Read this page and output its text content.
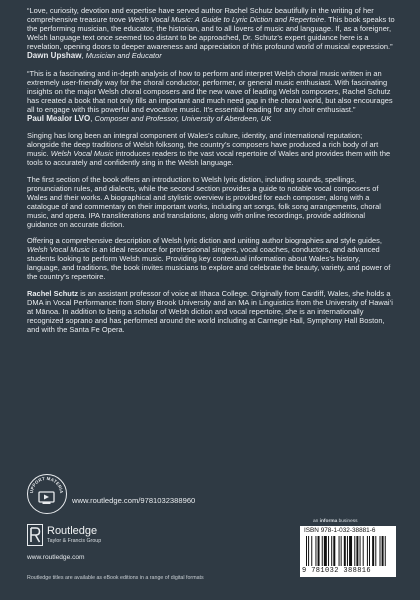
“Love, curiosity, devotion and expertise have served author Rachel Schutz beautifully in the writing of her comprehensive treasure trove Welsh Vocal Music: A Guide to Lyric Diction and Repertoire. This book speaks to the performing musician, the educator, the historian, and to all lovers of music and language. If, as a foreigner, Welsh language text once seemed too distant to be approached, Dr. Schutz’s expert guidance here is a revelation, opening doors to deeper awareness and appreciation of this profound world of musical expression.”

Dawn Upshaw, Musician and Educator

“This is a fascinating and in-depth analysis of how to perform and interpret Welsh choral music written in an extremely user-friendly way for the choral conductor, performer, or general music enthusiast. With fascinating insights on the major Welsh choral composers and the new wave of leading Welsh composers, Rachel Schutz has created a book that not only fills an important and much need gap in the choral world, but also encourages all to engage with this powerful and evocative music. It’s essential reading for any choir enthusiast.”

Paul Mealor LVO, Composer and Professor, University of Aberdeen, UK

Singing has long been an integral component of Wales’s culture, identity, and international reputation; alongside the deep traditions of Welsh folksong, the country’s composers have produced a rich body of art music. Welsh Vocal Music introduces readers to the vast vocal repertoire of Wales and provides them with the tools to accurately and confidently sing in the Welsh language.

The first section of the book offers an introduction to Welsh lyric diction, including sounds, spellings, pronunciation rules, and dialects, while the second section provides a guide to notable vocal composers of Wales and their works. A biographical and stylistic overview is provided for each composer, along with a catalogue of and commentary on their important works, including art songs, folk song arrangements, choral music, and opera. IPA transliterations and translations, along with online recordings, provide additional guidance on accurate diction.

Offering a comprehensive description of Welsh lyric diction and uniting author biographies and style guides, Welsh Vocal Music is an ideal resource for professional singers, vocal coaches, conductors, and advanced students looking to perform Welsh music. Providing key contextual information about Wales’s history, language, and traditions, the book invites musicians to explore and celebrate the beauty, variety, and power of the country’s repertoire.

Rachel Schutz is an assistant professor of voice at Ithaca College. Originally from Cardiff, Wales, she holds a DMA in Vocal Performance from Stony Brook University and an MA in Linguistics from the University of Hawai‘i at Mānoa. In addition to being a scholar of Welsh diction and vocal repertoire, she is an internationally recognized soprano and has performed around the world including at Carnegie Hall, Symphony Hall Boston, and with the Santa Fe Opera.

UPPORT MATERIA
www.routledge.com/9781032388960
Routledge
Taylor & Francis Group
www.routledge.com
Routledge titles are available as eBook editions in a range of digital formats
an informa business
ISBN 978-1-032-38881-6
9 781032 388816
